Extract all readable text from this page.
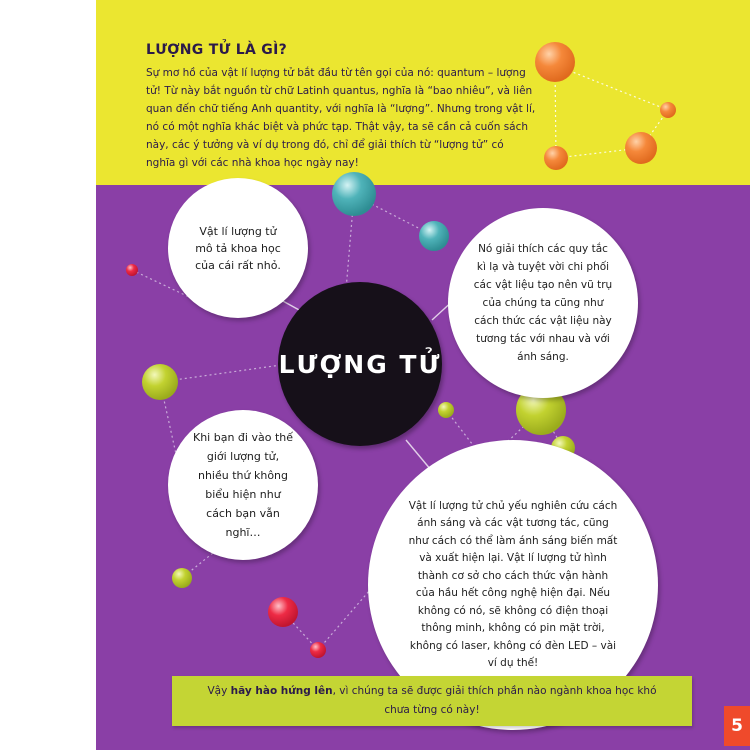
LƯỢNG TỬ LÀ GÌ?
Sự mơ hồ của vật lí lượng tử bắt đầu từ tên gọi của nó: quantum – lượng tử! Từ này bắt nguồn từ chữ Latinh quantus, nghĩa là “bao nhiêu”, và liên quan đến chữ tiếng Anh quantity, với nghĩa là “lượng”. Nhưng trong vật lí, nó có một nghĩa khác biệt và phức tạp. Thật vậy, ta sẽ cần cả cuốn sách này, các ý tưởng và ví dụ trong đó, chỉ để giải thích từ “lượng tử” có nghĩa gì với các nhà khoa học ngày nay!
Vật lí lượng tử mô tả khoa học của cái rất nhỏ.
Nó giải thích các quy tắc kì lạ và tuyệt vời chi phối các vật liệu tạo nên vũ trụ của chúng ta cũng như cách thức các vật liệu này tương tác với nhau và với ánh sáng.
LƯỢNG TỬ
Khi bạn đi vào thế giới lượng tử, nhiều thứ không biểu hiện như cách bạn vẫn nghĩ…
Vật lí lượng tử chủ yếu nghiên cứu cách ánh sáng và các vật tương tác, cũng như cách có thể làm ánh sáng biến mất và xuất hiện lại. Vật lí lượng tử hình thành cơ sở cho cách thức vận hành của hầu hết công nghệ hiện đại. Nếu không có nó, sẽ không có điện thoại thông minh, không có pin mặt trời, không có laser, không có đèn LED – vài ví dụ thế!

Vậy hãy hào hứng lên, vì chúng ta sẽ được giải thích phần nào ngành khoa học khó chưa từng có này!

5
